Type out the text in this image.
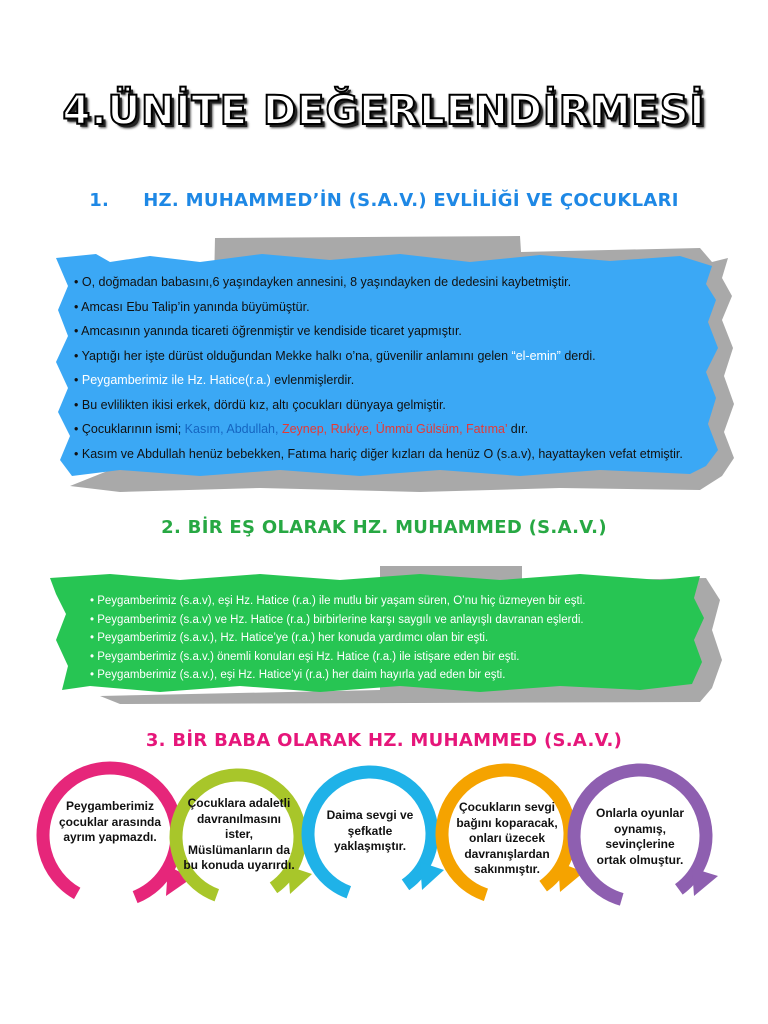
4.ÜNİTE DEĞERLENDİRMESİ
1. HZ. MUHAMMED’İN (S.A.V.) EVLİLİĞİ VE ÇOCUKLARI
• O, doğmadan babasını,6 yaşındayken annesini, 8 yaşındayken de dedesini kaybetmiştir.
• Amcası Ebu Talip’in yanında büyümüştür.
• Amcasının yanında ticareti öğrenmiştir ve kendiside ticaret yapmıştır.
• Yaptığı her işte dürüst olduğundan Mekke halkı o’na, güvenilir anlamını gelen “el-emin” derdi.
• Peygamberimiz ile Hz. Hatice(r.a.) evlenmişlerdir.
• Bu evlilikten ikisi erkek, dördü kız, altı çocukları dünyaya gelmiştir.
• Çocuklarının ismi; Kasım, Abdullah, Zeynep, Rukiye, Ümmü Gülsüm, Fatıma’ dır.
• Kasım ve Abdullah henüz bebekken, Fatıma hariç diğer kızları da henüz O (s.a.v), hayattayken vefat etmiştir.
2. BİR EŞ OLARAK HZ. MUHAMMED (S.A.V.)
• Peygamberimiz (s.a.v), eşi Hz. Hatice (r.a.) ile mutlu bir yaşam süren, O’nu hiç üzmeyen bir eşti.
• Peygamberimiz (s.a.v) ve Hz. Hatice (r.a.) birbirlerine karşı saygılı ve anlayışlı davranan eşlerdi.
• Peygamberimiz (s.a.v.), Hz. Hatice’ye (r.a.) her konuda yardımcı olan bir eşti.
• Peygamberimiz (s.a.v.) önemli konuları eşi Hz. Hatice (r.a.) ile istişare eden bir eşti.
• Peygamberimiz (s.a.v.), eşi Hz. Hatice’yi (r.a.) her daim hayırla yad eden bir eşti.
3. BİR BABA OLARAK HZ. MUHAMMED (S.A.V.)
Peygamberimiz çocuklar arasında ayrım yapmazdı.
Çocuklara adaletli davranılmasını ister, Müslümanların da bu konuda uyarırdı.
Daima sevgi ve şefkatle yaklaşmıştır.
Çocukların sevgi bağını koparacak, onları üzecek davranışlardan sakınmıştır.
Onlarla oyunlar oynamış, sevinçlerine ortak olmuştur.
